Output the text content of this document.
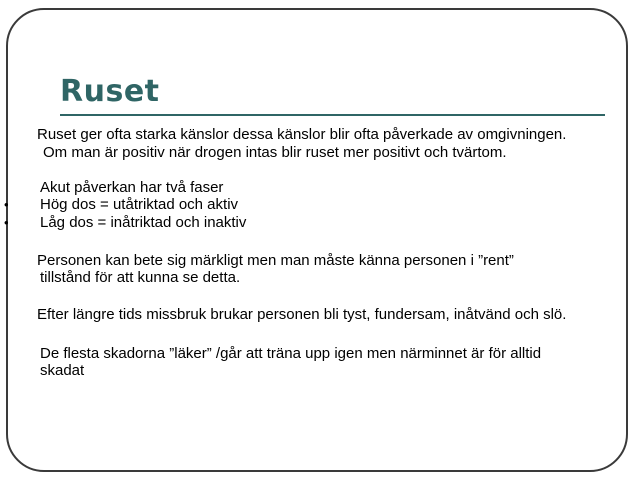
Ruset
Ruset ger ofta starka känslor dessa känslor blir ofta påverkade av omgivningen.
Om man är positiv när drogen intas blir ruset mer positivt och tvärtom.
Akut påverkan har två faser
• Hög dos = utåtriktad och aktiv
• Låg dos = inåtriktad och inaktiv
Personen kan bete sig märkligt men man måste känna personen i ”rent”
tillstånd för att kunna se detta.
Efter längre tids missbruk brukar personen bli tyst, fundersam, inåtvänd och slö.
De flesta skadorna ”läker” /går att träna upp igen men närminnet är för alltid
skadat
